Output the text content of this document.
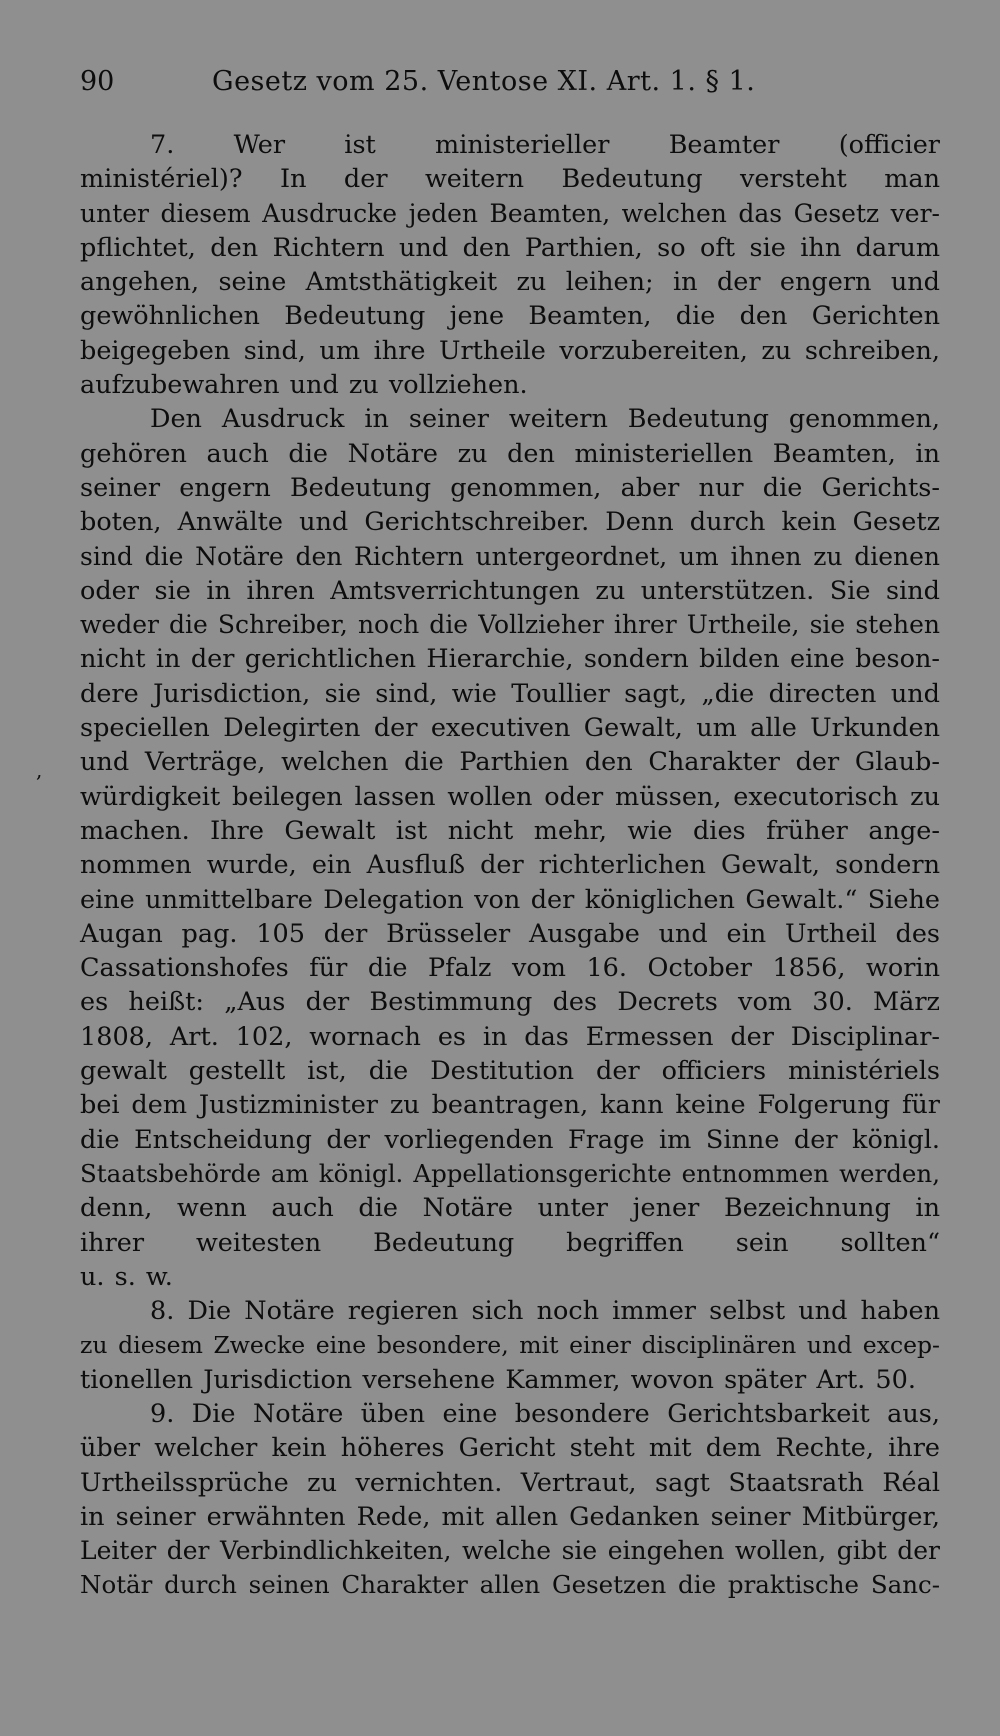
90	Gesetz vom 25. Ventose XI. Art. 1. § 1.
,
7. Wer ist ministerieller Beamter (officier
ministériel)? In der weitern Bedeutung versteht man
unter diesem Ausdrucke jeden Beamten, welchen das Gesetz ver-
pflichtet, den Richtern und den Parthien, so oft sie ihn darum
angehen, seine Amtsthätigkeit zu leihen; in der engern und
gewöhnlichen Bedeutung jene Beamten, die den Gerichten
beigegeben sind, um ihre Urtheile vorzubereiten, zu schreiben,
aufzubewahren und zu vollziehen.
Den Ausdruck in seiner weitern Bedeutung genommen,
gehören auch die Notäre zu den ministeriellen Beamten, in
seiner engern Bedeutung genommen, aber nur die Gerichts-
boten, Anwälte und Gerichtschreiber. Denn durch kein Gesetz
sind die Notäre den Richtern untergeordnet, um ihnen zu dienen
oder sie in ihren Amtsverrichtungen zu unterstützen. Sie sind
weder die Schreiber, noch die Vollzieher ihrer Urtheile, sie stehen
nicht in der gerichtlichen Hierarchie, sondern bilden eine beson-
dere Jurisdiction, sie sind, wie Toullier sagt, „die directen und
speciellen Delegirten der executiven Gewalt, um alle Urkunden
und Verträge, welchen die Parthien den Charakter der Glaub-
würdigkeit beilegen lassen wollen oder müssen, executorisch zu
machen. Ihre Gewalt ist nicht mehr, wie dies früher ange-
nommen wurde, ein Ausfluß der richterlichen Gewalt, sondern
eine unmittelbare Delegation von der königlichen Gewalt.“ Siehe
Augan pag. 105 der Brüsseler Ausgabe und ein Urtheil des
Cassationshofes für die Pfalz vom 16. October 1856, worin
es heißt: „Aus der Bestimmung des Decrets vom 30. März
1808, Art. 102, wornach es in das Ermessen der Disciplinar-
gewalt gestellt ist, die Destitution der officiers ministériels
bei dem Justizminister zu beantragen, kann keine Folgerung für
die Entscheidung der vorliegenden Frage im Sinne der königl.
Staatsbehörde am königl. Appellationsgerichte entnommen werden,
denn, wenn auch die Notäre unter jener Bezeichnung in
ihrer weitesten Bedeutung begriffen sein sollten“
u. s. w.
8. Die Notäre regieren sich noch immer selbst und haben
zu diesem Zwecke eine besondere, mit einer disciplinären und excep-
tionellen Jurisdiction versehene Kammer, wovon später Art. 50.
9. Die Notäre üben eine besondere Gerichtsbarkeit aus,
über welcher kein höheres Gericht steht mit dem Rechte, ihre
Urtheilssprüche zu vernichten. Vertraut, sagt Staatsrath Réal
in seiner erwähnten Rede, mit allen Gedanken seiner Mitbürger,
Leiter der Verbindlichkeiten, welche sie eingehen wollen, gibt der
Notär durch seinen Charakter allen Gesetzen die praktische Sanc-
